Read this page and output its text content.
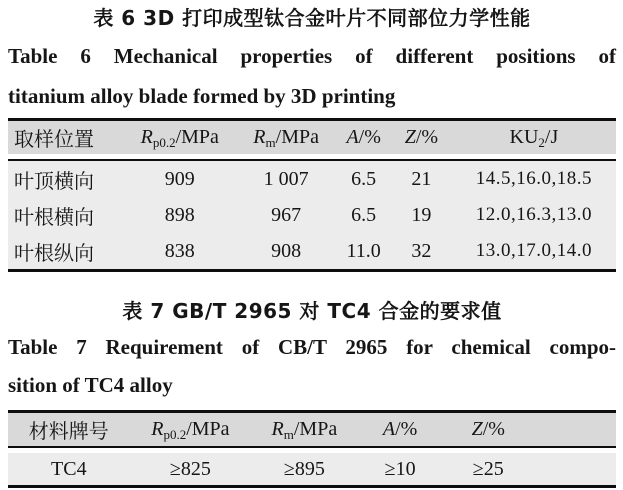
表 6 3D 打印成型钛合金叶片不同部位力学性能
Table 6 Mechanical properties of different positions of
titanium alloy blade formed by 3D printing
取样位置	$R_{p0.2}$/MPa	$R_m$/MPa	A/%	Z/%	$KU_2/J$

叶顶横向	909	1 007	6.5	21	14.5,16.0,18.5
叶根横向	898	967	6.5	19	12.0,16.3,13.0
叶根纵向	838	908	11.0	32	13.0,17.0,14.0
表 7 GB/T 2965 对 TC4 合金的要求值
Table 7 Requirement of CB/T 2965 for chemical compo-
sition of TC4 alloy
材料牌号	$R_{p0.2}$/MPa	$R_m$/MPa	A/%	Z/%	

TC4	≥825	≥895	≥10	≥25	
